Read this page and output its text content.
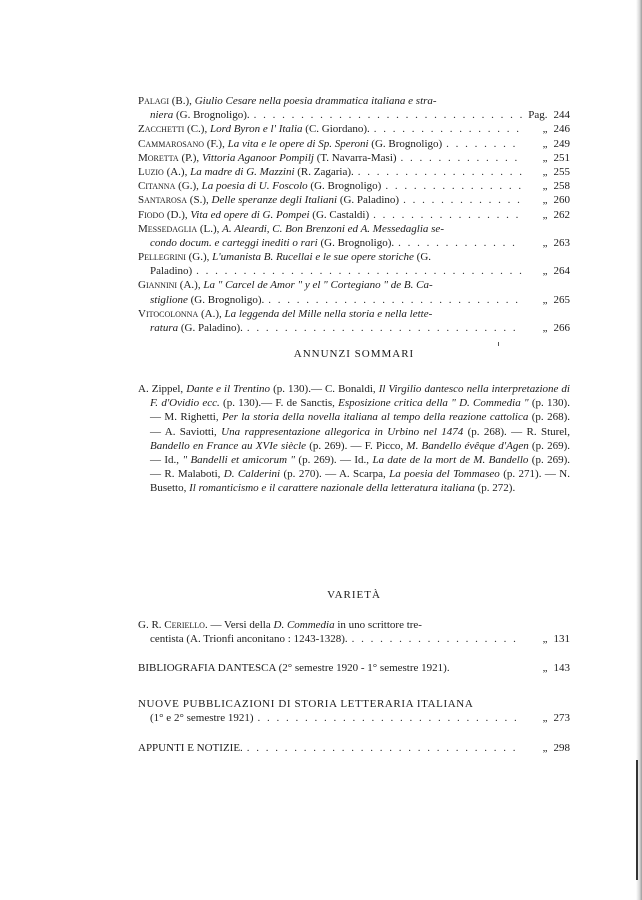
Palagi (B.), Giulio Cesare nella poesia drammatica italiana e stra-
niera (G. Brognoligo). . . .	Pag. 244
Zacchetti (C.), Lord Byron e l' Italia (C. Giordano). . . .	„ 246
Cammarosano (F.), La vita e le opere di Sp. Speroni (G. Brognoligo) . . .	„ 249
Moretta (P.), Vittoria Aganoor Pompilj (T. Navarra-Masi) . . .	„ 251
Luzio (A.), La madre di G. Mazzini (R. Zagaria). . . .	„ 255
Citanna (G.), La poesia di U. Foscolo (G. Brognoligo) . . .	„ 258
Santarosa (S.), Delle speranze degli Italiani (G. Paladino) . . .	„ 260
Fiodo (D.), Vita ed opere di G. Pompei (G. Castaldi) . . .	„ 262
Messedaglia (L.), A. Aleardi, C. Bon Brenzoni ed A. Messedaglia se-
condo docum. e carteggi inediti o rari (G. Brognoligo). . . .	„ 263
Pellegrini (G.), L'umanista B. Rucellai e le sue opere storiche (G.
Paladino) . . .	„ 264
Giannini (A.), La " Carcel de Amor " y el " Cortegiano " de B. Ca-
stiglione (G. Brognoligo). . . .	„ 265
Vitocolonna (A.), La leggenda del Mille nella storia e nella lette-
ratura (G. Paladino). . . .	„ 266
ANNUNZI SOMMARI

A. Zippel, Dante e il Trentino (p. 130).— C. Bonaldi, Il Virgilio dantesco nella interpretazione di F. d'Ovidio ecc. (p. 130).— F. de Sanctis, Esposizione critica della " D. Commedia " (p. 130). — M. Righetti, Per la storia della novella italiana al tempo della reazione cattolica (p. 268). — A. Saviotti, Una rappresentazione allegorica in Urbino nel 1474 (p. 268). — R. Sturel, Bandello en France au XVIe siècle (p. 269). — F. Picco, M. Bandello évêque d'Agen (p. 269). — Id., " Bandelli et amicorum " (p. 269). — Id., La date de la mort de M. Bandello (p. 269). — R. Malaboti, D. Calderini (p. 270). — A. Scarpa, La poesia del Tommaseo (p. 271). — N. Busetto, Il romanticismo e il carattere nazionale della letteratura italiana (p. 272).

VARIETÀ
G. R. Ceriello. — Versi della D. Commedia in uno scrittore tre-
centista (A. Trionfi anconitano : 1243-1328). . . .	„ 131
BIBLIOGRAFIA DANTESCA (2° semestre 1920 - 1° semestre 1921).	„ 143
NUOVE PUBBLICAZIONI DI STORIA LETTERARIA ITALIANA
(1° e 2° semestre 1921) . . .	„ 273
APPUNTI E NOTIZIE. . . .	„ 298
